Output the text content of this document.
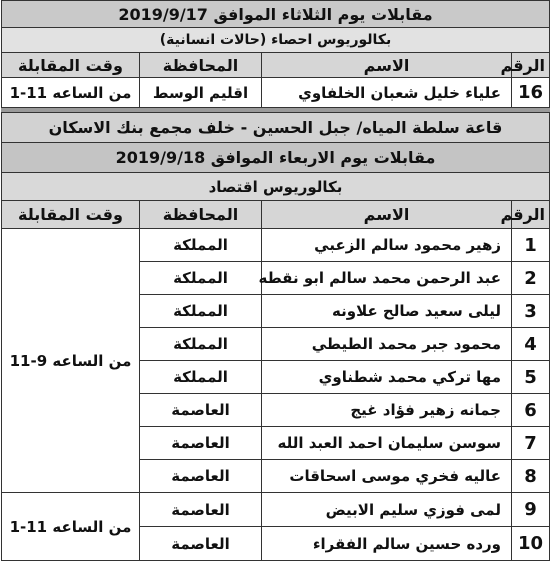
مقابلات يوم الثلاثاء الموافق 2019/9/17			
بكالوريوس احصاء (حالات انسانية)			
الرقم	الاسم	المحافظة	وقت المقابلة
16	علياء خليل شعبان الخلفاوي	اقليم الوسط	من الساعه 11-1

قاعة سلطة المياه/ جبل الحسين - خلف مجمع بنك الاسكان			
مقابلات يوم الاربعاء الموافق 2019/9/18			
بكالوريوس اقتصاد			
الرقم	الاسم	المحافظة	وقت المقابلة
1	زهير محمود سالم الزعبي	المملكة	من الساعه 9-11
2	عبد الرحمن محمد سالم ابو نقطه	المملكة	
3	ليلى سعيد صالح علاونه	المملكة	
4	محمود جبر محمد الطيطي	المملكة	
5	مها تركي محمد شطناوي	المملكة	
6	جمانه زهير فؤاد غيج	العاصمة	
7	سوسن سليمان احمد العبد الله	العاصمة	
8	عاليه فخري موسى اسحاقات	العاصمة	
9	لمى فوزي سليم الابيض	العاصمة	من الساعه 11-1
10	ورده حسين سالم الفقراء	العاصمة	
